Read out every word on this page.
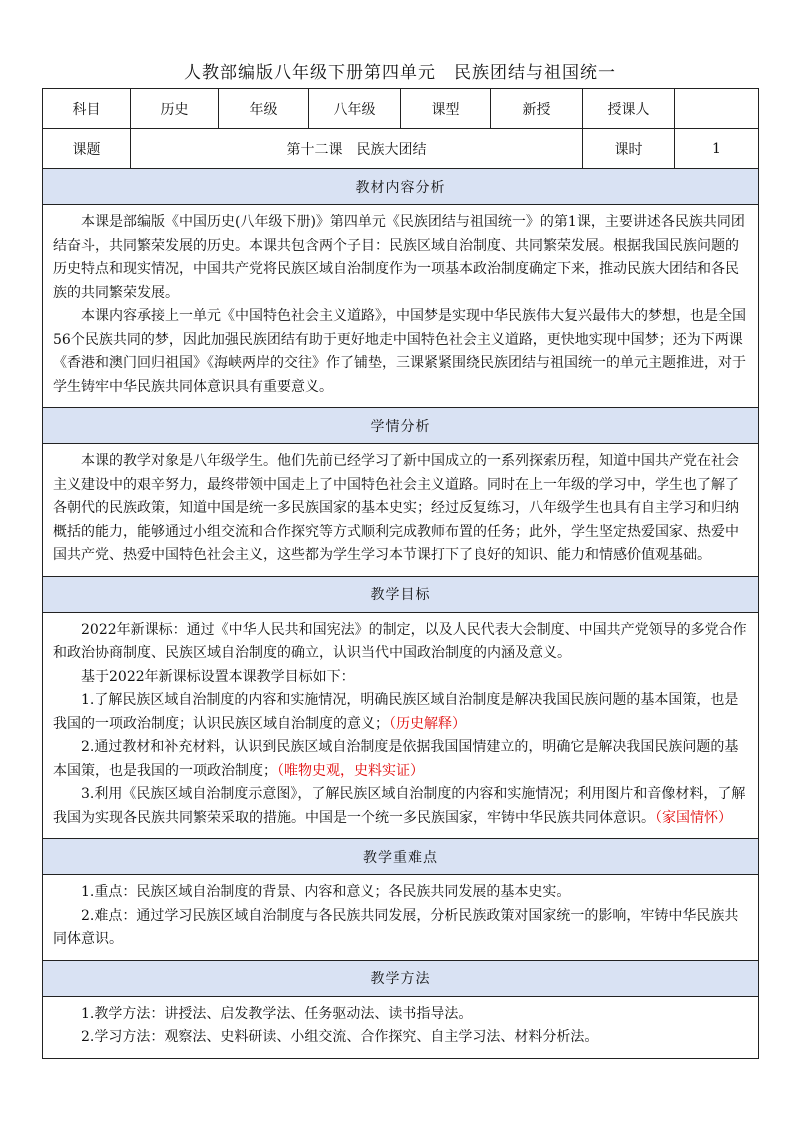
人教部编版八年级下册第四单元　民族团结与祖国统一
科目	历史	年级	八年级	课型	新授	授课人	
课题	第十二课　民族大团结					课时	1
教材内容分析							

本课是部编版《中国历史(八年级下册)》第四单元《民族团结与祖国统一》的第1课，主要讲述各民族共同团结奋斗，共同繁荣发展的历史。本课共包含两个子目：民族区域自治制度、共同繁荣发展。根据我国民族问题的历史特点和现实情况，中国共产党将民族区域自治制度作为一项基本政治制度确定下来，推动民族大团结和各民族的共同繁荣发展。

本课内容承接上一单元《中国特色社会主义道路》，中国梦是实现中华民族伟大复兴最伟大的梦想，也是全国56个民族共同的梦，因此加强民族团结有助于更好地走中国特色社会主义道路，更快地实现中国梦；还为下两课《香港和澳门回归祖国》《海峡两岸的交往》作了铺垫，三课紧紧围绕民族团结与祖国统一的单元主题推进，对于学生铸牢中华民族共同体意识具有重要意义。							

学情分析							

本课的教学对象是八年级学生。他们先前已经学习了新中国成立的一系列探索历程，知道中国共产党在社会主义建设中的艰辛努力，最终带领中国走上了中国特色社会主义道路。同时在上一年级的学习中，学生也了解了各朝代的民族政策，知道中国是统一多民族国家的基本史实；经过反复练习，八年级学生也具有自主学习和归纳概括的能力，能够通过小组交流和合作探究等方式顺利完成教师布置的任务；此外，学生坚定热爱国家、热爱中国共产党、热爱中国特色社会主义，这些都为学生学习本节课打下了良好的知识、能力和情感价值观基础。							

教学目标							

2022年新课标：通过《中华人民共和国宪法》的制定，以及人民代表大会制度、中国共产党领导的多党合作和政治协商制度、民族区域自治制度的确立，认识当代中国政治制度的内涵及意义。

基于2022年新课标设置本课教学目标如下：

1.了解民族区域自治制度的内容和实施情况，明确民族区域自治制度是解决我国民族问题的基本国策，也是我国的一项政治制度；认识民族区域自治制度的意义；（历史解释）

2.通过教材和补充材料，认识到民族区域自治制度是依据我国国情建立的，明确它是解决我国民族问题的基本国策，也是我国的一项政治制度；（唯物史观，史料实证）

3.利用《民族区域自治制度示意图》，了解民族区域自治制度的内容和实施情况；利用图片和音像材料，了解我国为实现各民族共同繁荣采取的措施。中国是一个统一多民族国家，牢铸中华民族共同体意识。（家国情怀）							

教学重难点							

1.重点：民族区域自治制度的背景、内容和意义；各民族共同发展的基本史实。

2.难点：通过学习民族区域自治制度与各民族共同发展，分析民族政策对国家统一的影响，牢铸中华民族共同体意识。							

教学方法							

1.教学方法：讲授法、启发教学法、任务驱动法、读书指导法。

2.学习方法：观察法、史料研读、小组交流、合作探究、自主学习法、材料分析法。							
